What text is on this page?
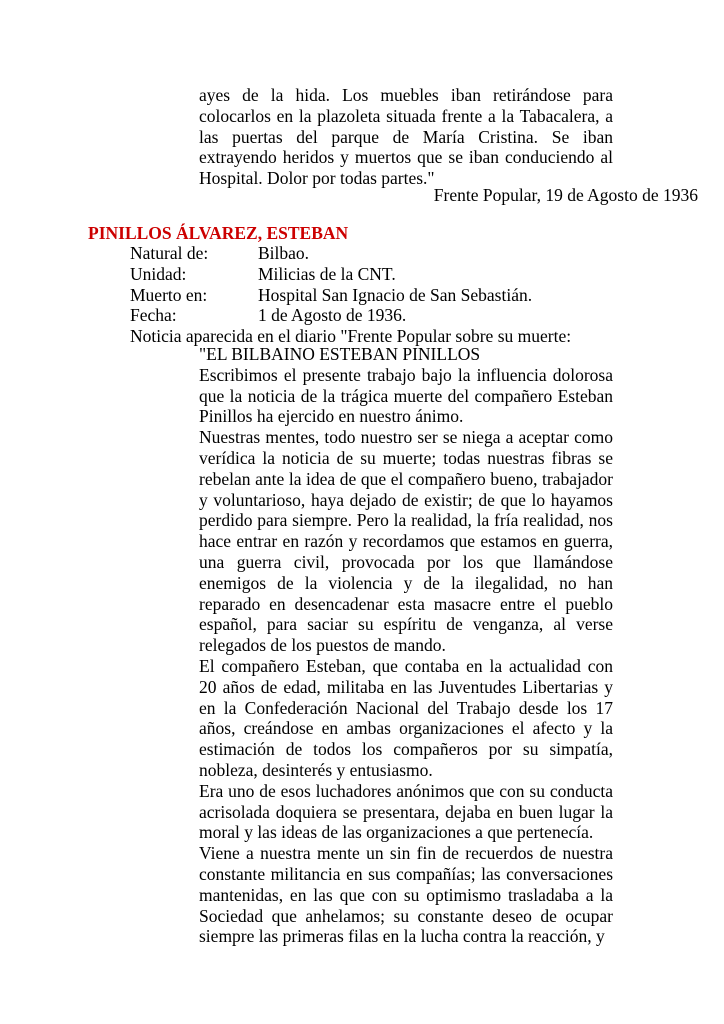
ayes de la hida. Los muebles iban retirándose para colocarlos en la plazoleta situada frente a la Tabacalera, a las puertas del parque de María Cristina. Se iban extrayendo heridos y muertos que se iban conduciendo al Hospital. Dolor por todas partes."
Frente Popular, 19 de Agosto de 1936
PINILLOS ÁLVAREZ, ESTEBAN
Natural de:	Bilbao.
Unidad:	Milicias de la CNT.
Muerto en:	Hospital San Ignacio de San Sebastián.
Fecha:	1 de Agosto de 1936.
Noticia aparecida en el diario "Frente Popular sobre su muerte:

"EL BILBAINO ESTEBAN PINILLOS

Escribimos el presente trabajo bajo la influencia dolorosa que la noticia de la trágica muerte del compañero Esteban Pinillos ha ejercido en nuestro ánimo.

Nuestras mentes, todo nuestro ser se niega a aceptar como verídica la noticia de su muerte; todas nuestras fibras se rebelan ante la idea de que el compañero bueno, trabajador y voluntarioso, haya dejado de existir; de que lo hayamos perdido para siempre. Pero la realidad, la fría realidad, nos hace entrar en razón y recordamos que estamos en guerra, una guerra civil, provocada por los que llamándose enemigos de la violencia y de la ilegalidad, no han reparado en desencadenar esta masacre entre el pueblo español, para saciar su espíritu de venganza, al verse relegados de los puestos de mando.

El compañero Esteban, que contaba en la actualidad con 20 años de edad, militaba en las Juventudes Libertarias y en la Confederación Nacional del Trabajo desde los 17 años, creándose en ambas organizaciones el afecto y la estimación de todos los compañeros por su simpatía, nobleza, desinterés y entusiasmo.

Era uno de esos luchadores anónimos que con su conducta acrisolada doquiera se presentara, dejaba en buen lugar la moral y las ideas de las organizaciones a que pertenecía.

Viene a nuestra mente un sin fin de recuerdos de nuestra constante militancia en sus compañías; las conversaciones mantenidas, en las que con su optimismo trasladaba a la Sociedad que anhelamos; su constante deseo de ocupar siempre las primeras filas en la lucha contra la reacción, y
